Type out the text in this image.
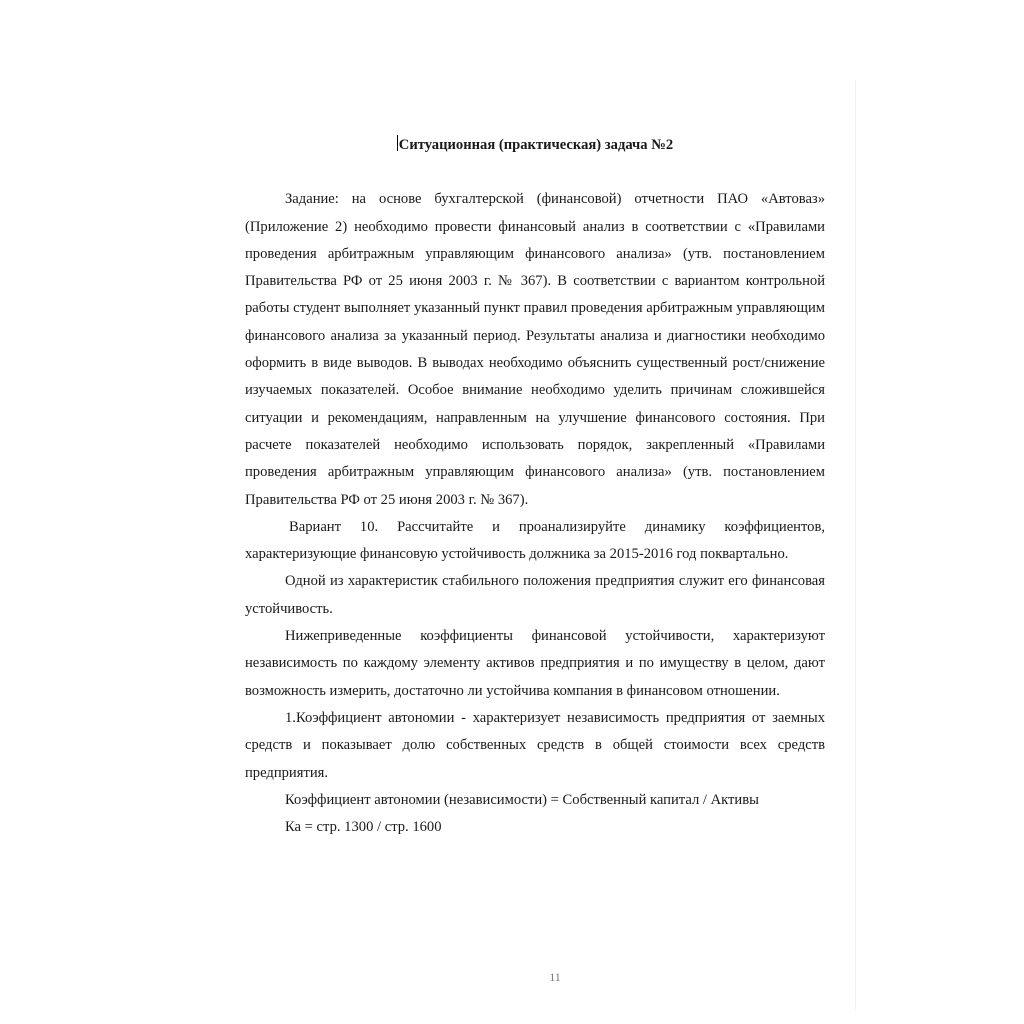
Ситуационная (практическая) задача №2

Задание: на основе бухгалтерской (финансовой) отчетности ПАО «Автоваз» (Приложение 2) необходимо провести финансовый анализ в соответствии с «Правилами проведения арбитражным управляющим финансового анализа» (утв. постановлением Правительства РФ от 25 июня 2003 г. № 367). В соответствии с вариантом контрольной работы студент выполняет указанный пункт правил проведения арбитражным управляющим финансового анализа за указанный период. Результаты анализа и диагностики необходимо оформить в виде выводов. В выводах необходимо объяснить существенный рост/снижение изучаемых показателей. Особое внимание необходимо уделить причинам сложившейся ситуации и рекомендациям, направленным на улучшение финансового состояния. При расчете показателей необходимо использовать порядок, закрепленный «Правилами проведения арбитражным управляющим финансового анализа» (утв. постановлением Правительства РФ от 25 июня 2003 г. № 367).

Вариант 10. Рассчитайте и проанализируйте динамику коэффициентов, характеризующие финансовую устойчивость должника за 2015-2016 год поквартально.

Одной из характеристик стабильного положения предприятия служит его финансовая устойчивость.

Нижеприведенные коэффициенты финансовой устойчивости, характеризуют независимость по каждому элементу активов предприятия и по имуществу в целом, дают возможность измерить, достаточно ли устойчива компания в финансовом отношении.

1.Коэффициент автономии - характеризует независимость предприятия от заемных средств и показывает долю собственных средств в общей стоимости всех средств предприятия.

Коэффициент автономии (независимости) = Собственный капитал / Активы
Ка = стр. 1300 / стр. 1600
11
